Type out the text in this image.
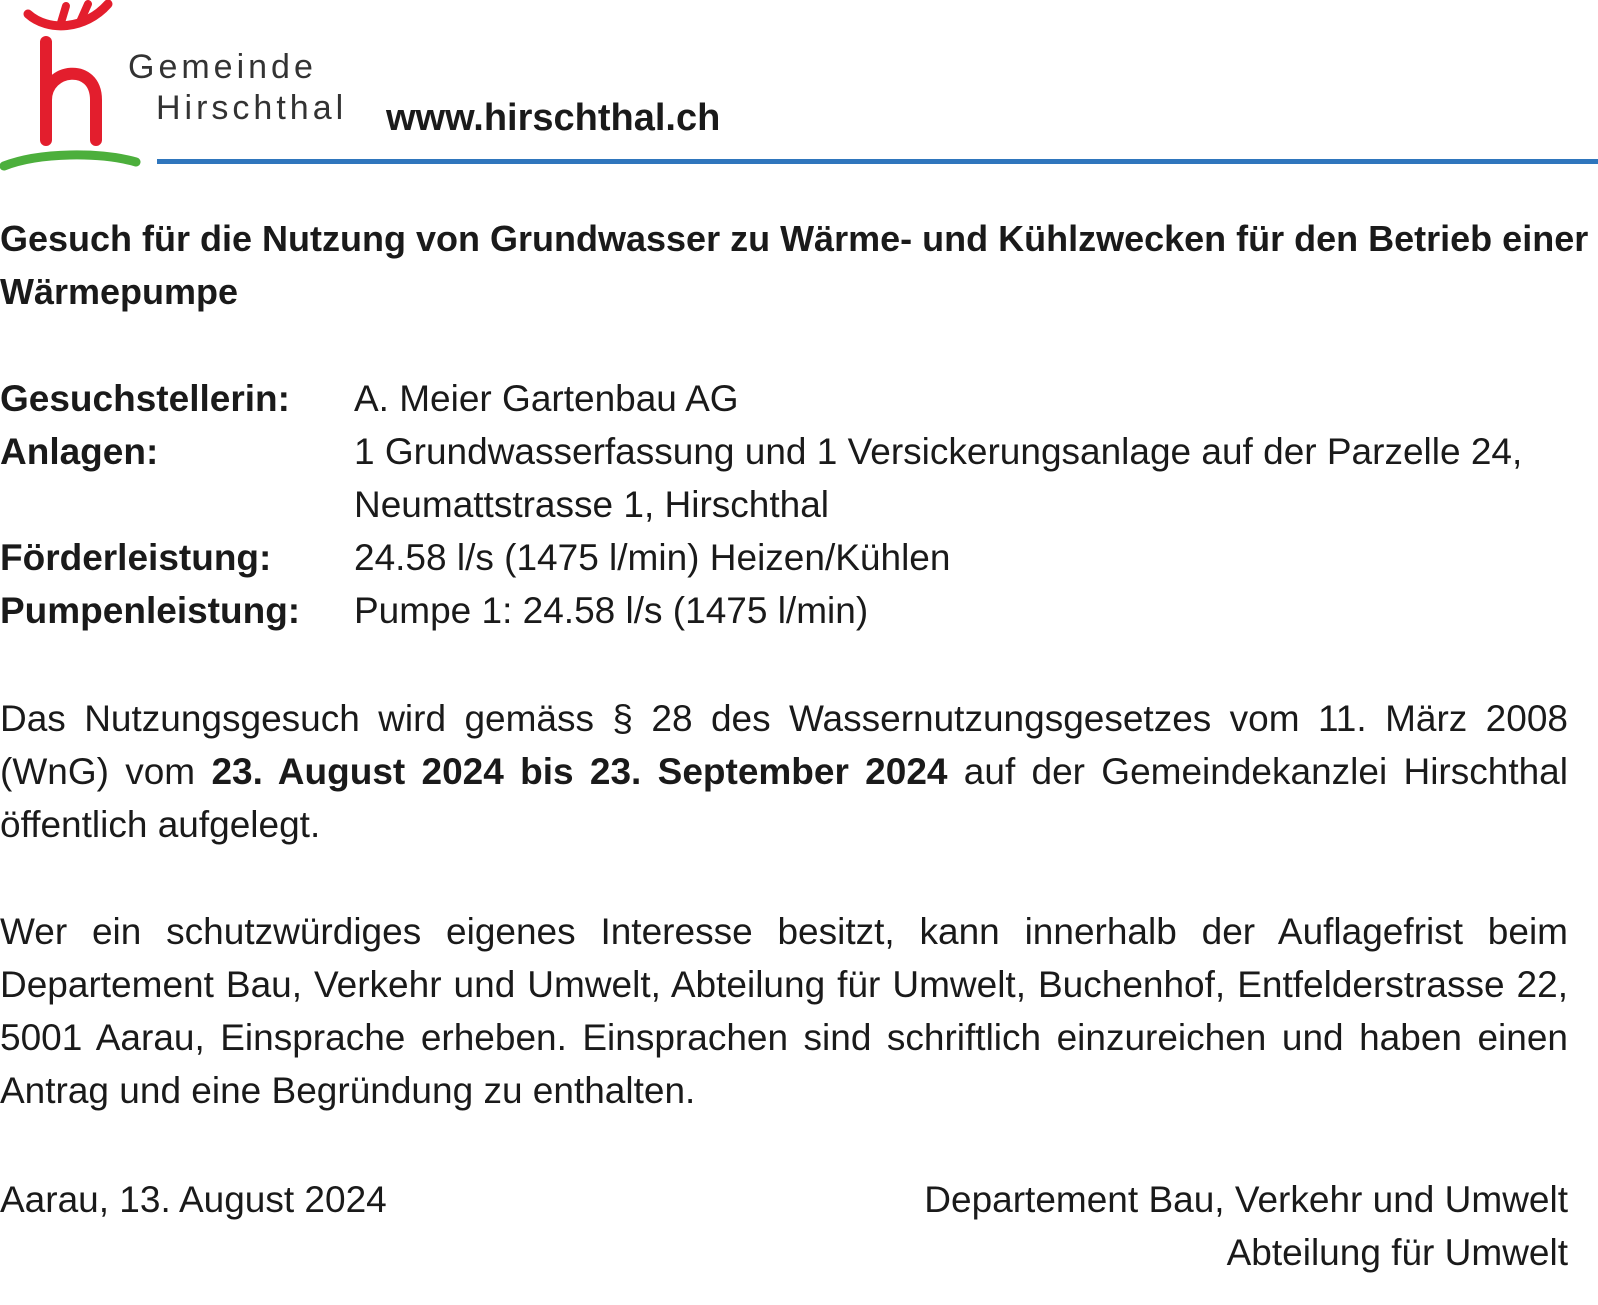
Gemeinde
Hirschthal www.hirschthal.ch
Gesuch für die Nutzung von Grundwasser zu Wärme- und Kühlzwecken für den Betrieb einer Wärmepumpe
Gesuchstellerin:	A. Meier Gartenbau AG
Anlagen:	1 Grundwasserfassung und 1 Versickerungsanlage auf der Parzelle 24, Neumattstrasse 1, Hirschthal
Förderleistung:	24.58 l/s (1475 l/min) Heizen/Kühlen
Pumpenleistung:	Pumpe 1: 24.58 l/s (1475 l/min)

Das Nutzungsgesuch wird gemäss § 28 des Wassernutzungsgesetzes vom 11. März 2008 (WnG) vom 23. August 2024 bis 23. September 2024 auf der Gemeindekanzlei Hirschthal öffentlich aufgelegt.

Wer ein schutzwürdiges eigenes Interesse besitzt, kann innerhalb der Auflagefrist beim Departement Bau, Verkehr und Umwelt, Abteilung für Umwelt, Buchenhof, Entfelderstrasse 22, 5001 Aarau, Einsprache erheben. Einsprachen sind schriftlich einzureichen und haben einen Antrag und eine Begründung zu enthalten.

Aarau, 13. August 2024	Departement Bau, Verkehr und Umwelt
Abteilung für Umwelt
